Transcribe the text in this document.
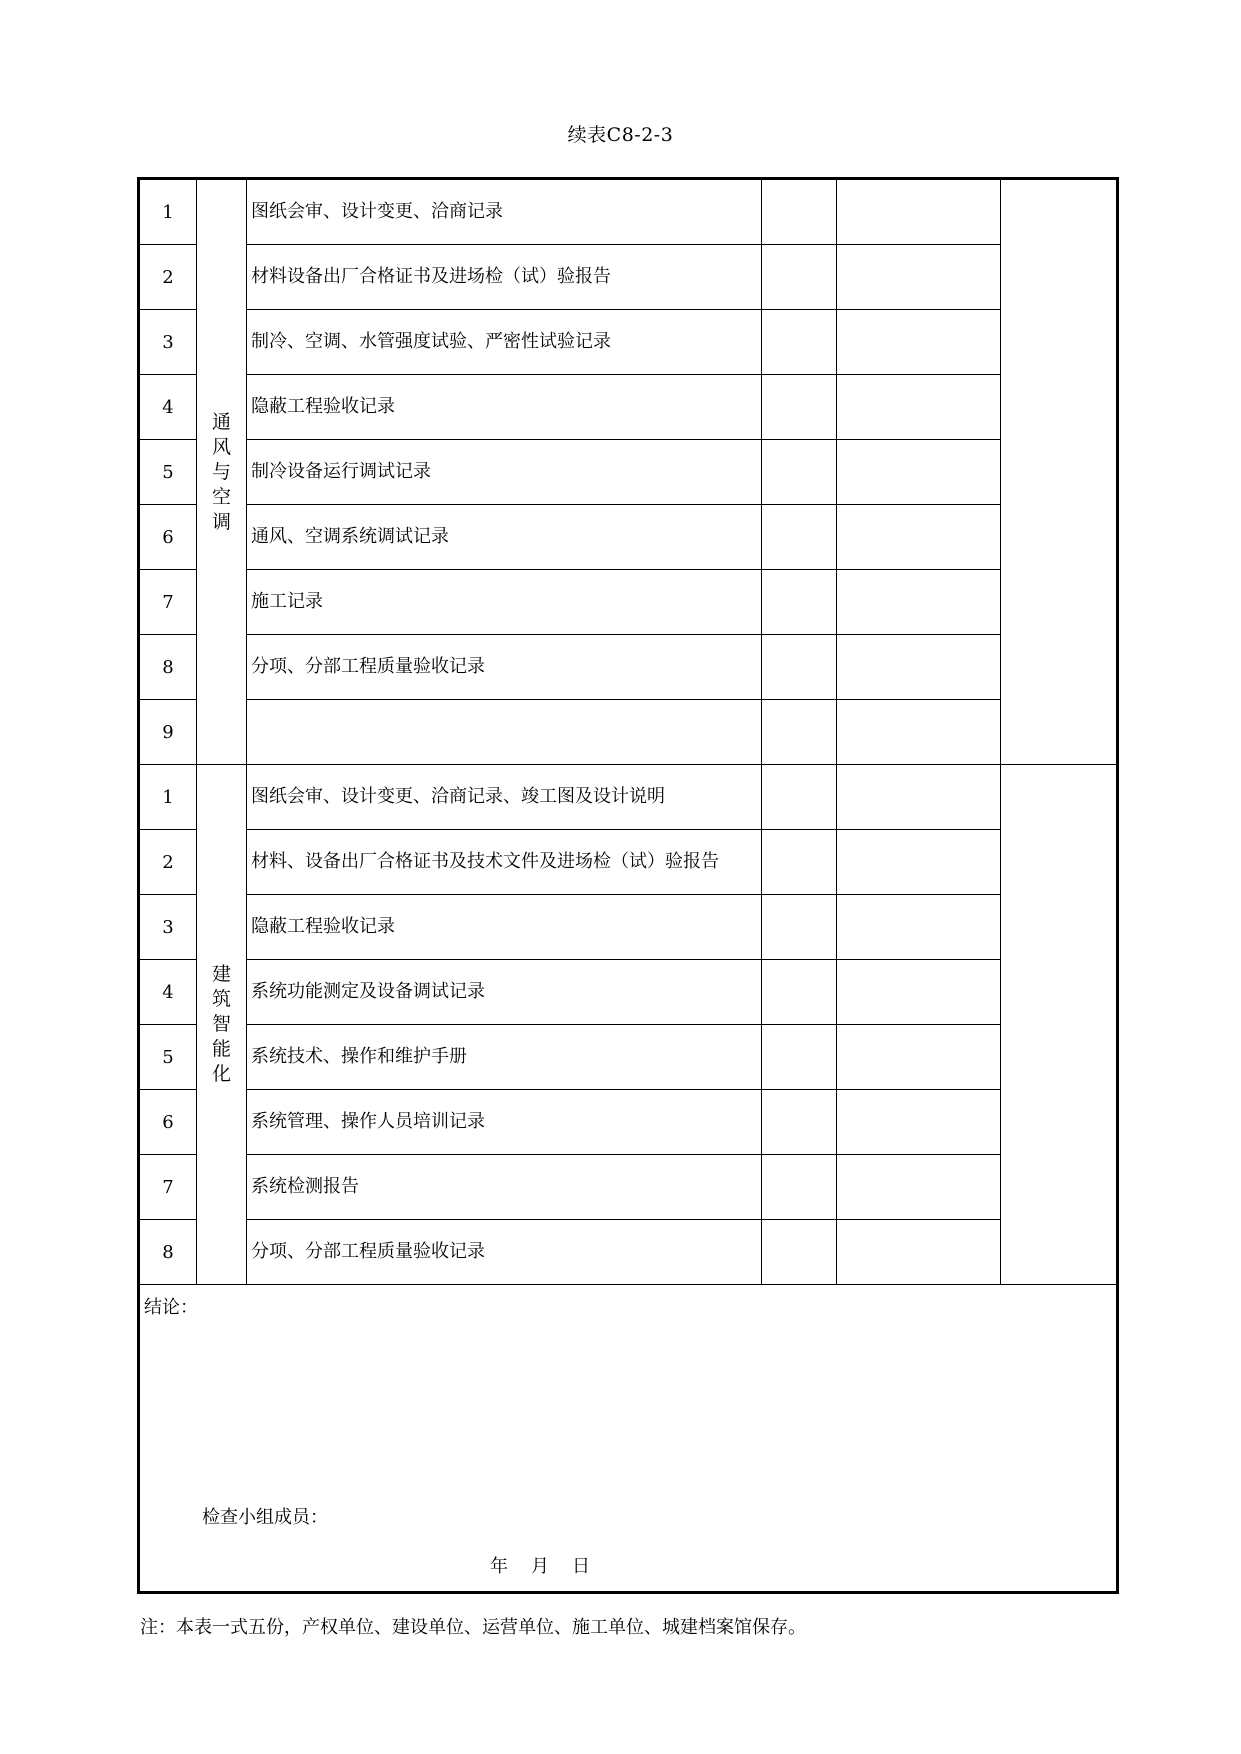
续表C8-2-3
1	通风与空调	图纸会审、设计变更、洽商记录			
2		材料设备出厂合格证书及进场检（试）验报告			
3		制冷、空调、水管强度试验、严密性试验记录			
4		隐蔽工程验收记录			
5		制冷设备运行调试记录			
6		通风、空调系统调试记录			
7		施工记录			
8		分项、分部工程质量验收记录			
9					
1	建筑智能化	图纸会审、设计变更、洽商记录、竣工图及设计说明			
2		材料、设备出厂合格证书及技术文件及进场检（试）验报告			
3		隐蔽工程验收记录			
4		系统功能测定及设备调试记录			
5		系统技术、操作和维护手册			
6		系统管理、操作人员培训记录			
7		系统检测报告			
8		分项、分部工程质量验收记录			

结论：
检查小组成员：
年 月 日					
注：本表一式五份，产权单位、建设单位、运营单位、施工单位、城建档案馆保存。
